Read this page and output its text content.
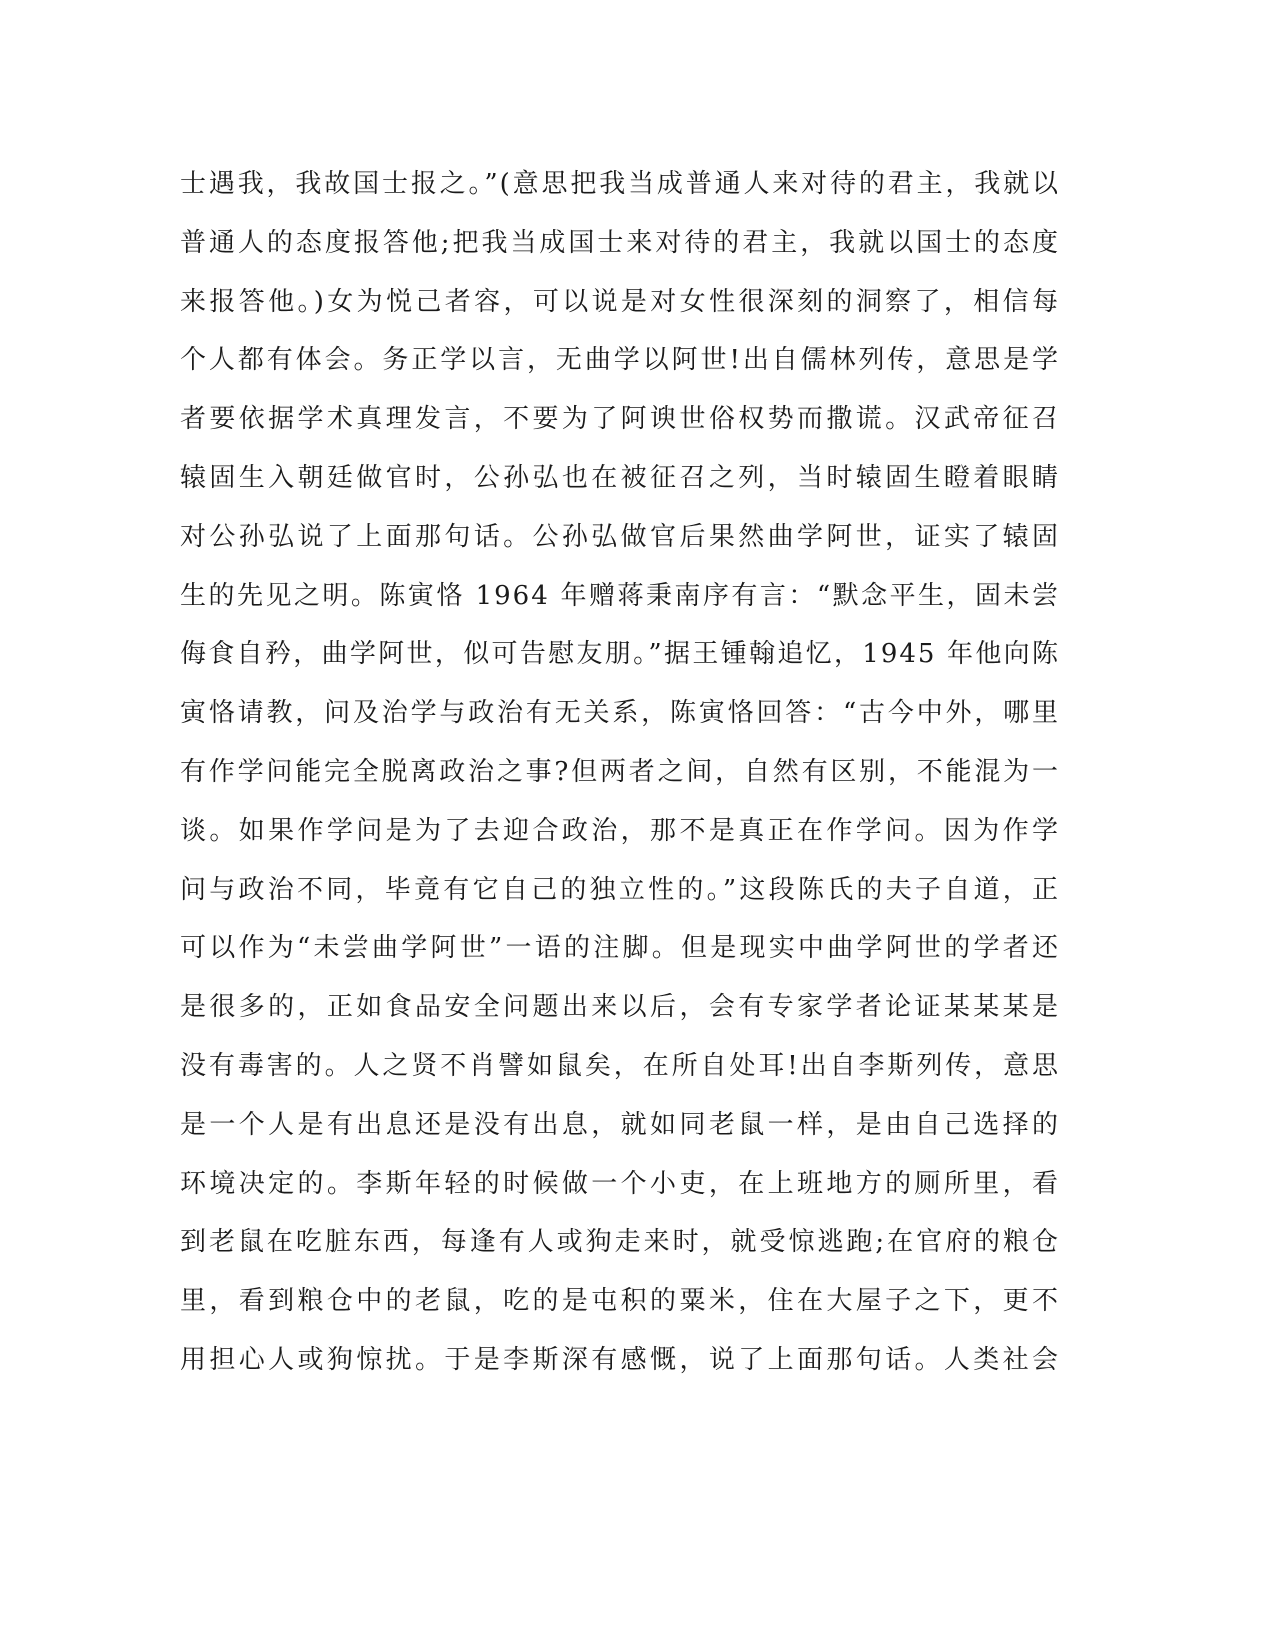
士遇我，我故国士报之。”(意思把我当成普通人来对待的君主，我就以
普通人的态度报答他;把我当成国士来对待的君主，我就以国士的态度
来报答他。)女为悦己者容，可以说是对女性很深刻的洞察了，相信每
个人都有体会。务正学以言，无曲学以阿世!出自儒林列传，意思是学
者要依据学术真理发言，不要为了阿谀世俗权势而撒谎。汉武帝征召
辕固生入朝廷做官时，公孙弘也在被征召之列，当时辕固生瞪着眼睛
对公孙弘说了上面那句话。公孙弘做官后果然曲学阿世，证实了辕固
生的先见之明。陈寅恪 1964 年赠蒋秉南序有言：“默念平生，固未尝
侮食自矜，曲学阿世，似可告慰友朋。”据王锺翰追忆，1945 年他向陈
寅恪请教，问及治学与政治有无关系，陈寅恪回答：“古今中外，哪里
有作学问能完全脱离政治之事?但两者之间，自然有区别，不能混为一
谈。如果作学问是为了去迎合政治，那不是真正在作学问。因为作学
问与政治不同，毕竟有它自己的独立性的。”这段陈氏的夫子自道，正
可以作为“未尝曲学阿世”一语的注脚。但是现实中曲学阿世的学者还
是很多的，正如食品安全问题出来以后，会有专家学者论证某某某是
没有毒害的。人之贤不肖譬如鼠矣，在所自处耳!出自李斯列传，意思
是一个人是有出息还是没有出息，就如同老鼠一样，是由自己选择的
环境决定的。李斯年轻的时候做一个小吏，在上班地方的厕所里，看
到老鼠在吃脏东西，每逢有人或狗走来时，就受惊逃跑;在官府的粮仓
里，看到粮仓中的老鼠，吃的是屯积的粟米，住在大屋子之下，更不
用担心人或狗惊扰。于是李斯深有感慨，说了上面那句话。人类社会
